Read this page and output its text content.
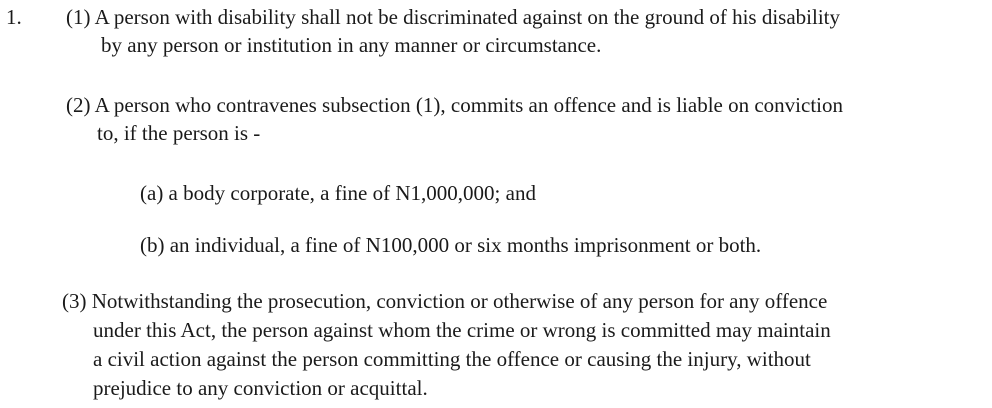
1. (1) A person with disability shall not be discriminated against on the ground of his disability
by any person or institution in any manner or circumstance.
(2) A person who contravenes subsection (1), commits an offence and is liable on conviction
to, if the person is -
(a) a body corporate, a fine of N1,000,000; and
(b) an individual, a fine of N100,000 or six months imprisonment or both.
(3) Notwithstanding the prosecution, conviction or otherwise of any person for any offence
under this Act, the person against whom the crime or wrong is committed may maintain
a civil action against the person committing the offence or causing the injury, without
prejudice to any conviction or acquittal.
